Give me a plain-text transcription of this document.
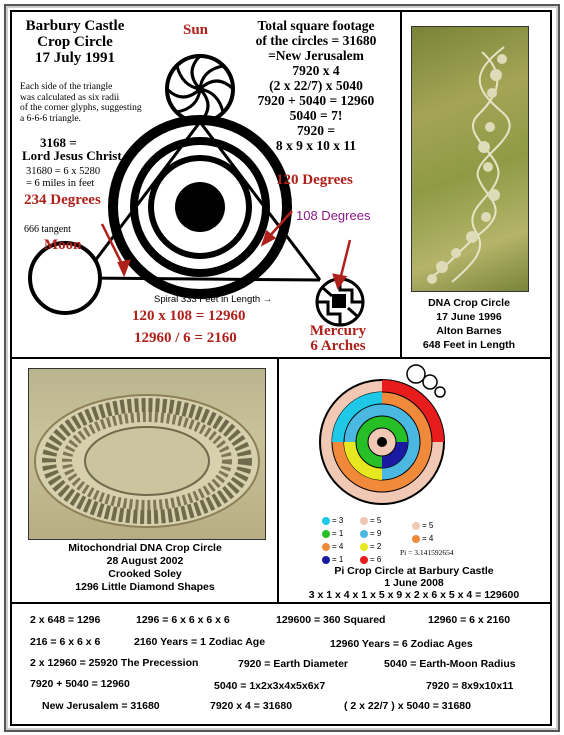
Barbury Castle
Crop Circle
17 July 1991
Sun
Each side of the triangle
was calculated as six radii
of the corner glyphs, suggesting
a 6-6-6 triangle.
3168 =
Lord Jesus Christ
31680 = 6 x 5280
= 6 miles in feet
234 Degrees
666 tangent
Moon
Total square footage
of the circles = 31680
=New Jerusalem
7920 x 4
(2 x 22/7) x 5040
7920 + 5040 = 12960
5040 = 7!
7920 =
8 x 9 x 10 x 11
120 Degrees
108 Degrees
Spiral 333 Feet in Length →
120 x 108 = 12960
12960 / 6 = 2160	Mercury
6 Arches
DNA Crop Circle
17 June 1996
Alton Barnes
648 Feet in Length
Mitochondrial DNA Crop Circle
28 August 2002
Crooked Soley
1296 Little Diamond Shapes
= 3
= 1
= 4
= 1
= 5
= 9
= 2
= 6
= 5
= 4
Pi = 3.141592654
Pi Crop Circle at Barbury Castle
1 June 2008
3 x 1 x 4 x 1 x 5 x 9 x 2 x 6 x 5 x 4 = 129600
2 x 648 = 1296	1296 = 6 x 6 x 6 x 6	129600 = 360 Squared	12960 = 6 x 2160
216 = 6 x 6 x 6	2160 Years = 1 Zodiac Age	12960 Years = 6 Zodiac Ages
2 x 12960 = 25920 The Precession	7920 = Earth Diameter	5040 = Earth-Moon Radius
7920 + 5040 = 12960	5040 = 1x2x3x4x5x6x7	7920 = 8x9x10x11
New Jerusalem = 31680	7920 x 4 = 31680	( 2 x 22/7 ) x 5040 = 31680
